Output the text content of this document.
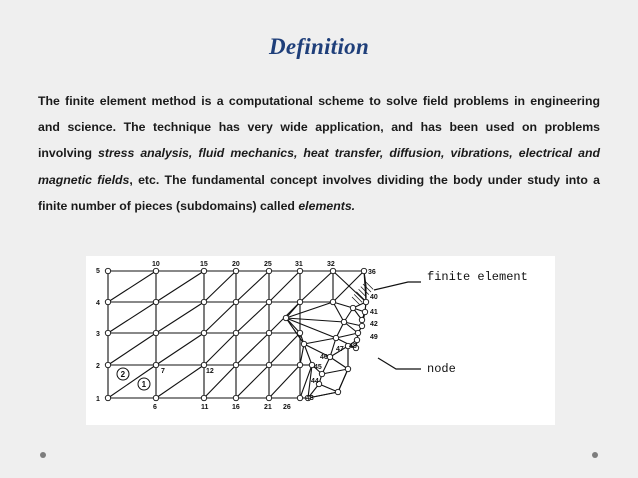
Definition
The finite element method is a computational scheme to solve field problems in engineering and science. The technique has very wide application, and has been used on problems involving stress analysis, fluid mechanics, heat transfer, diffusion, vibrations, electrical and magnetic fields, etc. The fundamental concept involves dividing the body under study into a finite number of pieces (subdomains) called elements.
1
2
3
4
5
6
7
10
11
12
15
16
20
21
25
26
31	32
36
40
41
42
43
44
45
46
47 48
49
1
2
finite element
node
